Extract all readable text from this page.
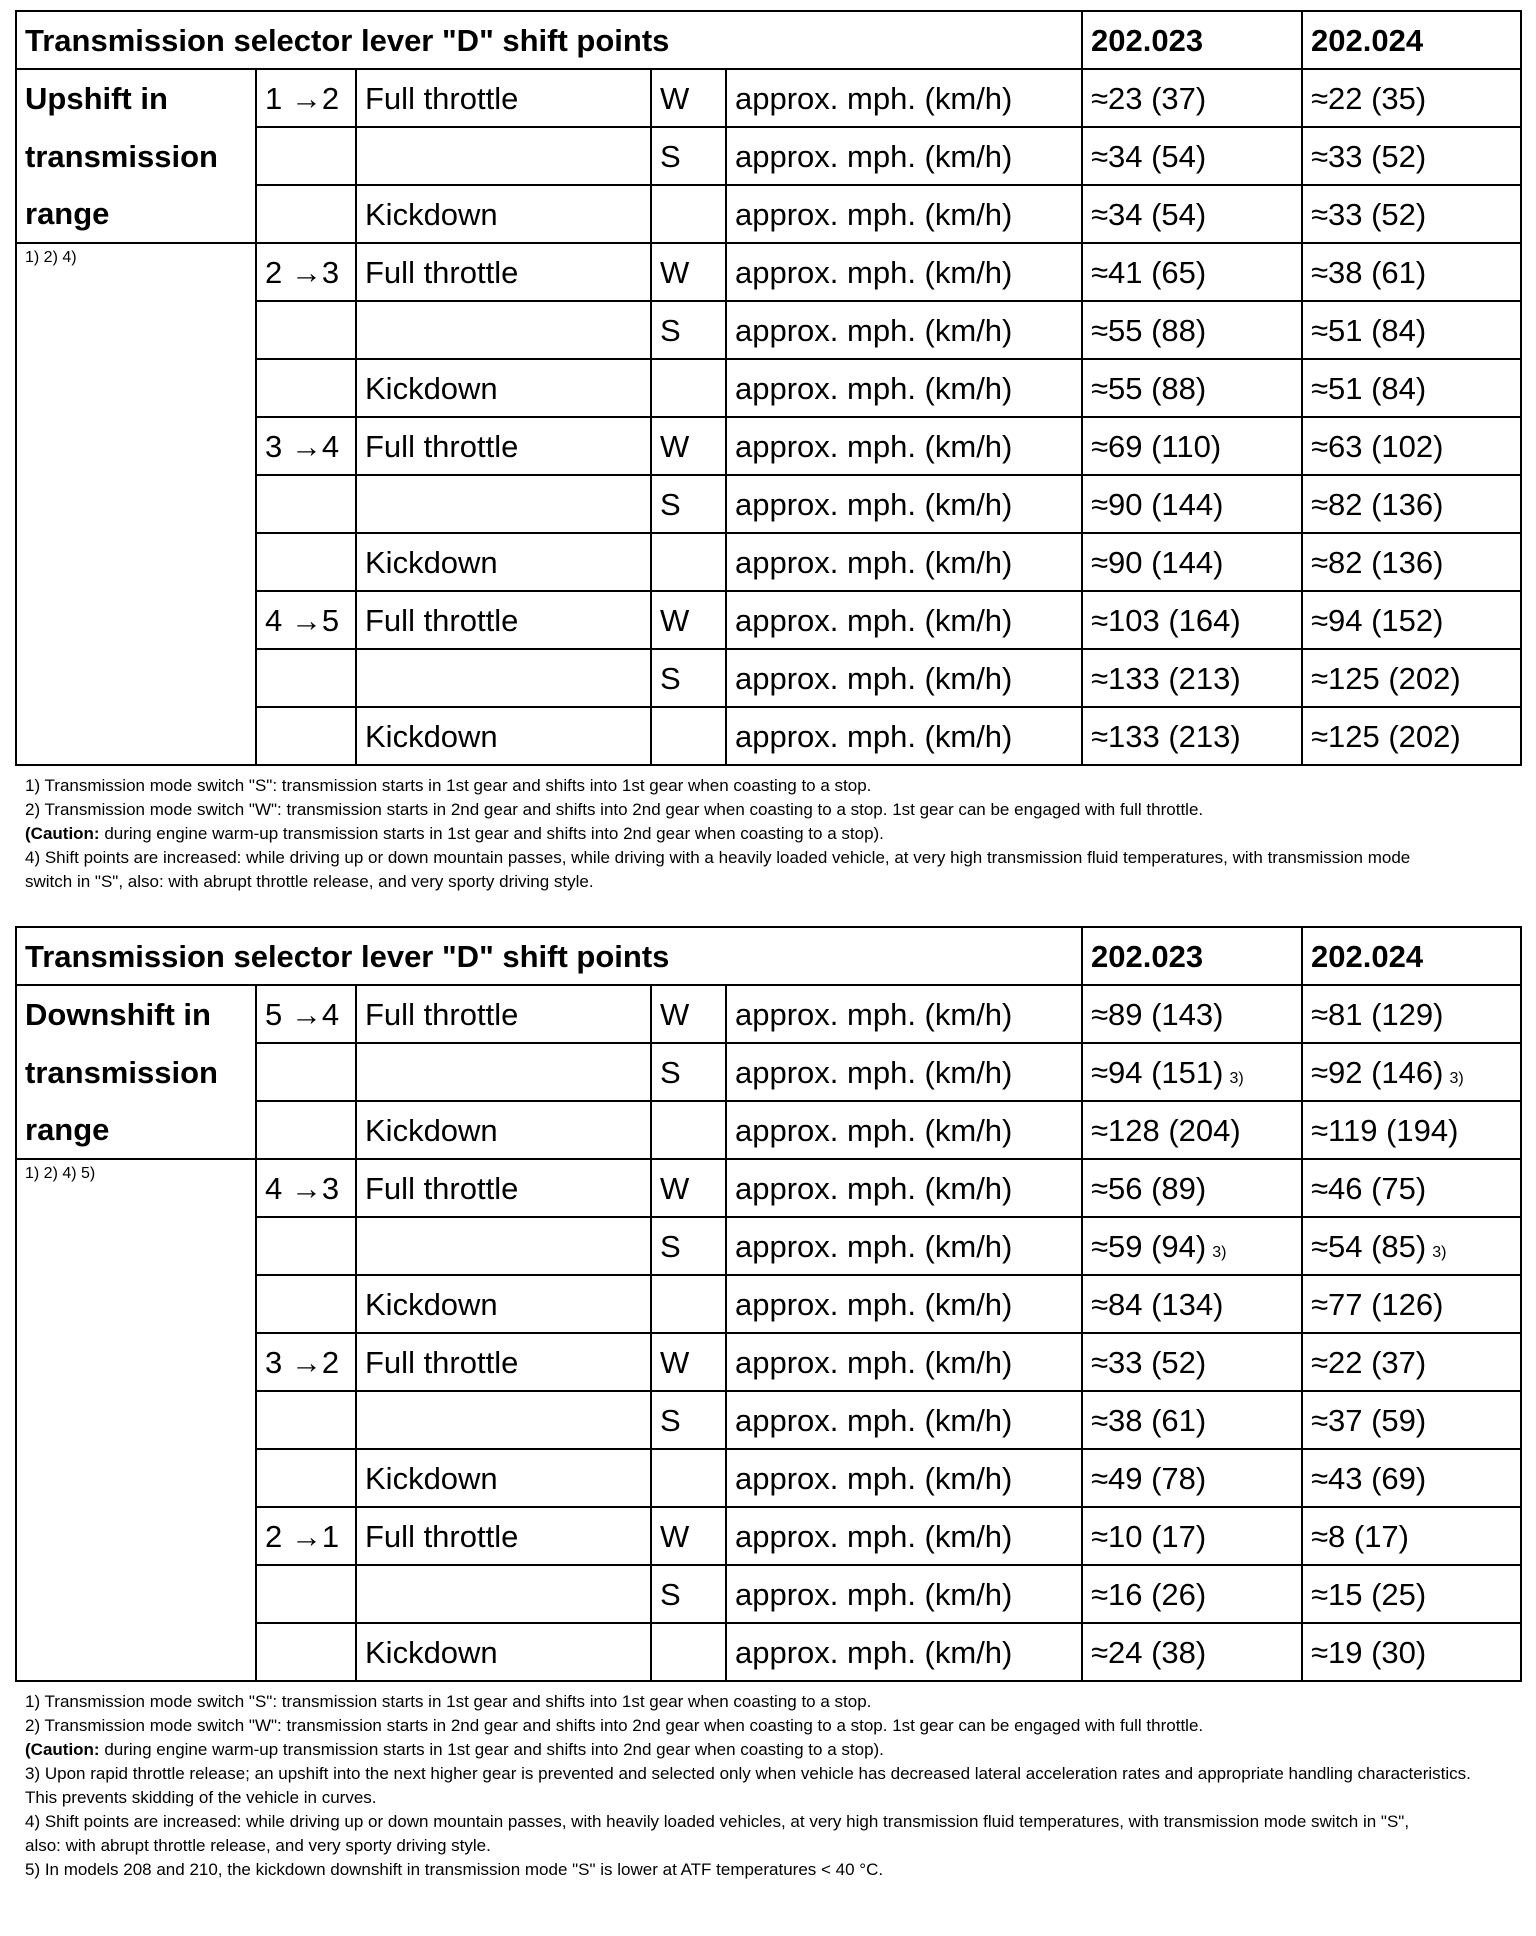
Transmission selector lever "D" shift points					202.023	202.024
Upshift in	1 →2	Full throttle	W	approx. mph. (km/h)	≈23 (37)	≈22 (35)
transmission			S	approx. mph. (km/h)	≈34 (54)	≈33 (52)
range		Kickdown		approx. mph. (km/h)	≈34 (54)	≈33 (52)
1) 2) 4)	2 →3	Full throttle	W	approx. mph. (km/h)	≈41 (65)	≈38 (61)
			S	approx. mph. (km/h)	≈55 (88)	≈51 (84)
		Kickdown		approx. mph. (km/h)	≈55 (88)	≈51 (84)
	3 →4	Full throttle	W	approx. mph. (km/h)	≈69 (110)	≈63 (102)
			S	approx. mph. (km/h)	≈90 (144)	≈82 (136)
		Kickdown		approx. mph. (km/h)	≈90 (144)	≈82 (136)
	4 →5	Full throttle	W	approx. mph. (km/h)	≈103 (164)	≈94 (152)
			S	approx. mph. (km/h)	≈133 (213)	≈125 (202)
		Kickdown		approx. mph. (km/h)	≈133 (213)	≈125 (202)

1) Transmission mode switch "S": transmission starts in 1st gear and shifts into 1st gear when coasting to a stop.

2) Transmission mode switch "W": transmission starts in 2nd gear and shifts into 2nd gear when coasting to a stop. 1st gear can be engaged with full throttle.

(Caution: during engine warm-up transmission starts in 1st gear and shifts into 2nd gear when coasting to a stop).

4) Shift points are increased: while driving up or down mountain passes, while driving with a heavily loaded vehicle, at very high transmission fluid temperatures, with transmission mode

switch in "S", also: with abrupt throttle release, and very sporty driving style.

Transmission selector lever "D" shift points					202.023	202.024
Downshift in	5 →4	Full throttle	W	approx. mph. (km/h)	≈89 (143)	≈81 (129)
transmission			S	approx. mph. (km/h)	≈94 (151) 3)	≈92 (146) 3)
range		Kickdown		approx. mph. (km/h)	≈128 (204)	≈119 (194)
1) 2) 4) 5)	4 →3	Full throttle	W	approx. mph. (km/h)	≈56 (89)	≈46 (75)
			S	approx. mph. (km/h)	≈59 (94) 3)	≈54 (85) 3)
		Kickdown		approx. mph. (km/h)	≈84 (134)	≈77 (126)
	3 →2	Full throttle	W	approx. mph. (km/h)	≈33 (52)	≈22 (37)
			S	approx. mph. (km/h)	≈38 (61)	≈37 (59)
		Kickdown		approx. mph. (km/h)	≈49 (78)	≈43 (69)
	2 →1	Full throttle	W	approx. mph. (km/h)	≈10 (17)	≈8 (17)
			S	approx. mph. (km/h)	≈16 (26)	≈15 (25)
		Kickdown		approx. mph. (km/h)	≈24 (38)	≈19 (30)

1) Transmission mode switch "S": transmission starts in 1st gear and shifts into 1st gear when coasting to a stop.

2) Transmission mode switch "W": transmission starts in 2nd gear and shifts into 2nd gear when coasting to a stop. 1st gear can be engaged with full throttle.

(Caution: during engine warm-up transmission starts in 1st gear and shifts into 2nd gear when coasting to a stop).

3) Upon rapid throttle release; an upshift into the next higher gear is prevented and selected only when vehicle has decreased lateral acceleration rates and appropriate handling characteristics.

This prevents skidding of the vehicle in curves.

4) Shift points are increased: while driving up or down mountain passes, with heavily loaded vehicles, at very high transmission fluid temperatures, with transmission mode switch in "S",

also: with abrupt throttle release, and very sporty driving style.

5) In models 208 and 210, the kickdown downshift in transmission mode "S" is lower at ATF temperatures < 40 °C.
